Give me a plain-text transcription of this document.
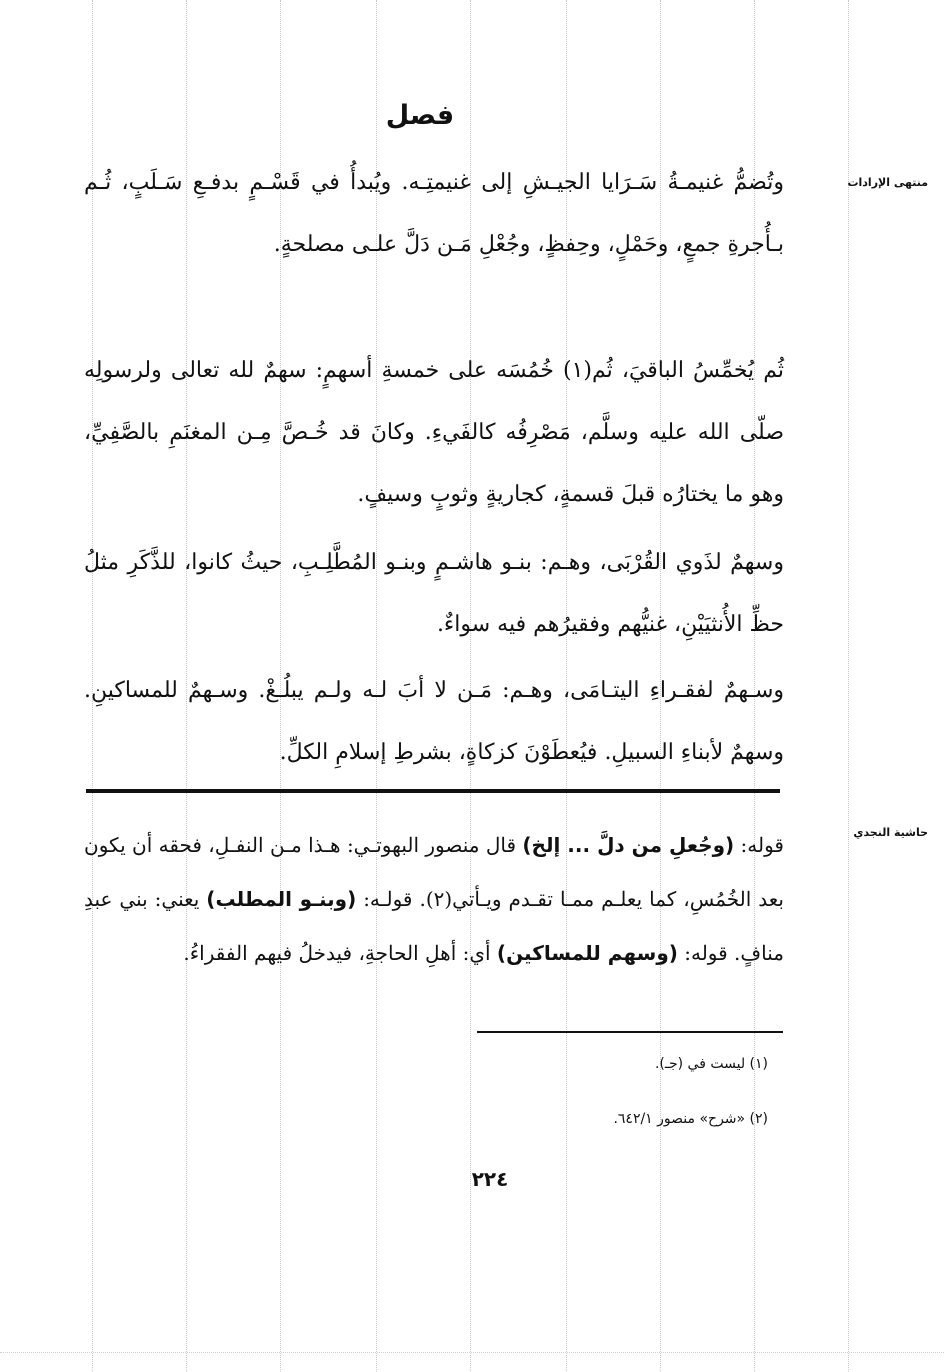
فصل
منتهى الإرادات
حاشية النجدي
وتُضمُّ غنيمـةُ سَـرَايا الجيـشِ إلى غنيمتِـه. ويُبدأُ في قَسْـمٍ بدفـعِ سَـلَبٍ، ثُـم بـأُجرةِ جمعٍ، وحَمْلٍ، وحِفظٍ، وجُعْلِ مَـن دَلَّ علـى مصلحةٍ.
ثُم يُخمِّسُ الباقيَ، ثُم(١) خُمُسَه على خمسةِ أسهمٍ: سهمٌ لله تعالى ولرسولِه صلّى الله عليه وسلَّم، مَصْرِفُه كالفَيءِ. وكانَ قد خُـصَّ مِـن المغنَمِ بالصَّفِيِّ، وهو ما يختارُه قبلَ قسمةٍ، كجاريةٍ وثوبٍ وسيفٍ.
وسهمٌ لذَوي القُرْبَى، وهـم: بنـو هاشـمٍ وبنـو المُطَّلِـبِ، حيثُ كانوا، للذَّكَرِ مثلُ حظِّ الأُنثيَيْنِ، غنيُّهم وفقيرُهم فيه سواءٌ.
وسـهمٌ لفقـراءِ اليتـامَى، وهـم: مَـن لا أبَ لـه ولـم يبلُـغْ. وسـهمٌ للمساكينِ. وسهمٌ لأبناءِ السبيلِ. فيُعطَوْنَ كزكاةٍ، بشرطِ إسلامِ الكلِّ.
قوله: (وجُعلِ من دلَّ ... إلخ) قال منصور البهوتـي: هـذا مـن النفـلِ، فحقه أن يكون بعد الخُمُسِ، كما يعلـم ممـا تقـدم ويـأتي(٢). قولـه: (وبنـو المطلب) يعني: بني عبدِ منافٍ. قوله: (وسهم للمساكين) أي: أهلِ الحاجةِ، فيدخلُ فيهم الفقراءُ.
(١) ليست في (جـ).
(٢) «شرح» منصور ٦٤٢/١.
٢٢٤
